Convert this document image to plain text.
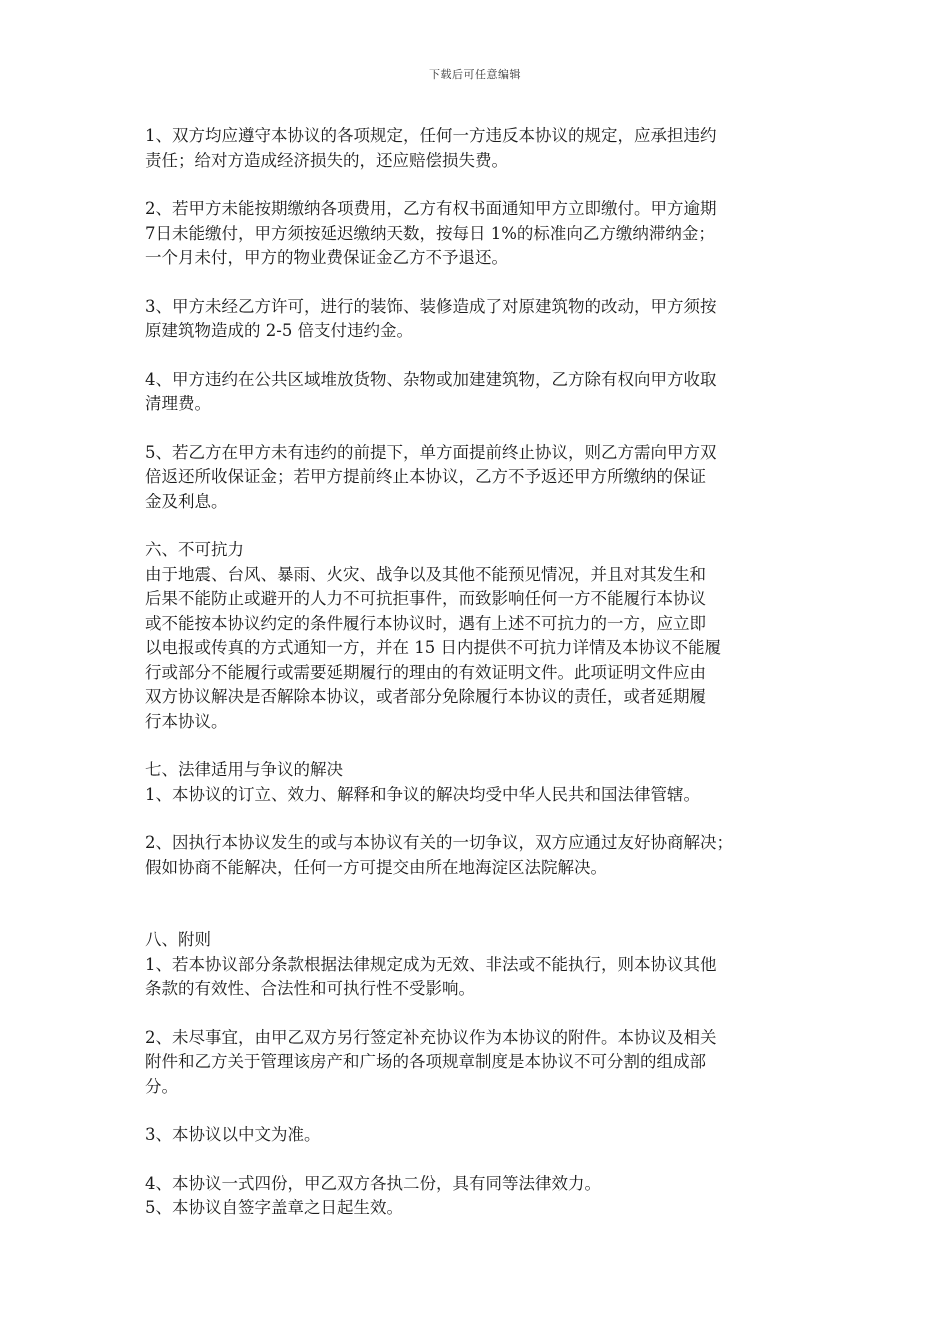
下载后可任意编辑
1、双方均应遵守本协议的各项规定，任何一方违反本协议的规定，应承担违约
责任；给对方造成经济损失的，还应赔偿损失费。
2、若甲方未能按期缴纳各项费用，乙方有权书面通知甲方立即缴付。甲方逾期
7日未能缴付，甲方须按延迟缴纳天数，按每日 1%的标准向乙方缴纳滞纳金；
一个月未付，甲方的物业费保证金乙方不予退还。
3、甲方未经乙方许可，进行的装饰、装修造成了对原建筑物的改动，甲方须按
原建筑物造成的 2-5 倍支付违约金。
4、甲方违约在公共区域堆放货物、杂物或加建建筑物，乙方除有权向甲方收取
清理费。
5、若乙方在甲方未有违约的前提下，单方面提前终止协议，则乙方需向甲方双
倍返还所收保证金；若甲方提前终止本协议，乙方不予返还甲方所缴纳的保证
金及利息。
六、不可抗力
由于地震、台风、暴雨、火灾、战争以及其他不能预见情况，并且对其发生和
后果不能防止或避开的人力不可抗拒事件，而致影响任何一方不能履行本协议
或不能按本协议约定的条件履行本协议时，遇有上述不可抗力的一方，应立即
以电报或传真的方式通知一方，并在 15 日内提供不可抗力详情及本协议不能履
行或部分不能履行或需要延期履行的理由的有效证明文件。此项证明文件应由
双方协议解决是否解除本协议，或者部分免除履行本协议的责任，或者延期履
行本协议。
七、法律适用与争议的解决
1、本协议的订立、效力、解释和争议的解决均受中华人民共和国法律管辖。
2、因执行本协议发生的或与本协议有关的一切争议，双方应通过友好协商解决；
假如协商不能解决，任何一方可提交由所在地海淀区法院解决。
八、附则
1、若本协议部分条款根据法律规定成为无效、非法或不能执行，则本协议其他
条款的有效性、合法性和可执行性不受影响。
2、未尽事宜，由甲乙双方另行签定补充协议作为本协议的附件。本协议及相关
附件和乙方关于管理该房产和广场的各项规章制度是本协议不可分割的组成部
分。
3、本协议以中文为准。
4、本协议一式四份，甲乙双方各执二份，具有同等法律效力。
5、本协议自签字盖章之日起生效。
